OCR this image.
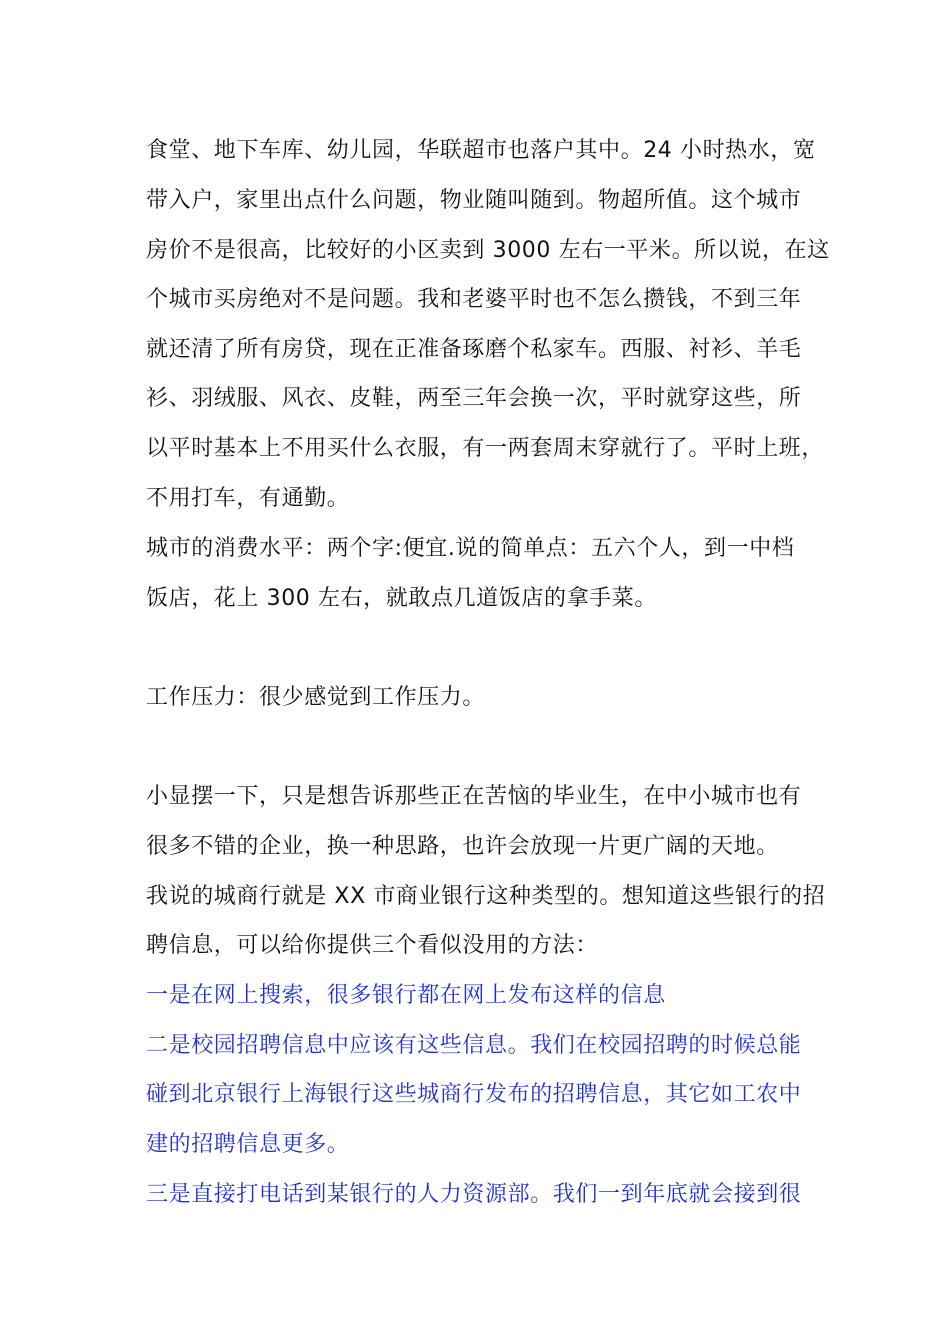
食堂、地下车库、幼儿园，华联超市也落户其中。24 小时热水，宽
带入户，家里出点什么问题，物业随叫随到。物超所值。这个城市
房价不是很高，比较好的小区卖到 3000 左右一平米。所以说，在这
个城市买房绝对不是问题。我和老婆平时也不怎么攒钱，不到三年
就还清了所有房贷，现在正准备琢磨个私家车。西服、衬衫、羊毛
衫、羽绒服、风衣、皮鞋，两至三年会换一次，平时就穿这些，所
以平时基本上不用买什么衣服，有一两套周末穿就行了。平时上班，
不用打车，有通勤。
城市的消费水平：两个字:便宜.说的简单点：五六个人，到一中档
饭店，花上 300 左右，就敢点几道饭店的拿手菜。
工作压力：很少感觉到工作压力。
小显摆一下，只是想告诉那些正在苦恼的毕业生，在中小城市也有
很多不错的企业，换一种思路，也许会放现一片更广阔的天地。
我说的城商行就是 XX 市商业银行这种类型的。想知道这些银行的招
聘信息，可以给你提供三个看似没用的方法：
一是在网上搜索，很多银行都在网上发布这样的信息
二是校园招聘信息中应该有这些信息。我们在校园招聘的时候总能
碰到北京银行上海银行这些城商行发布的招聘信息，其它如工农中
建的招聘信息更多。
三是直接打电话到某银行的人力资源部。我们一到年底就会接到很
